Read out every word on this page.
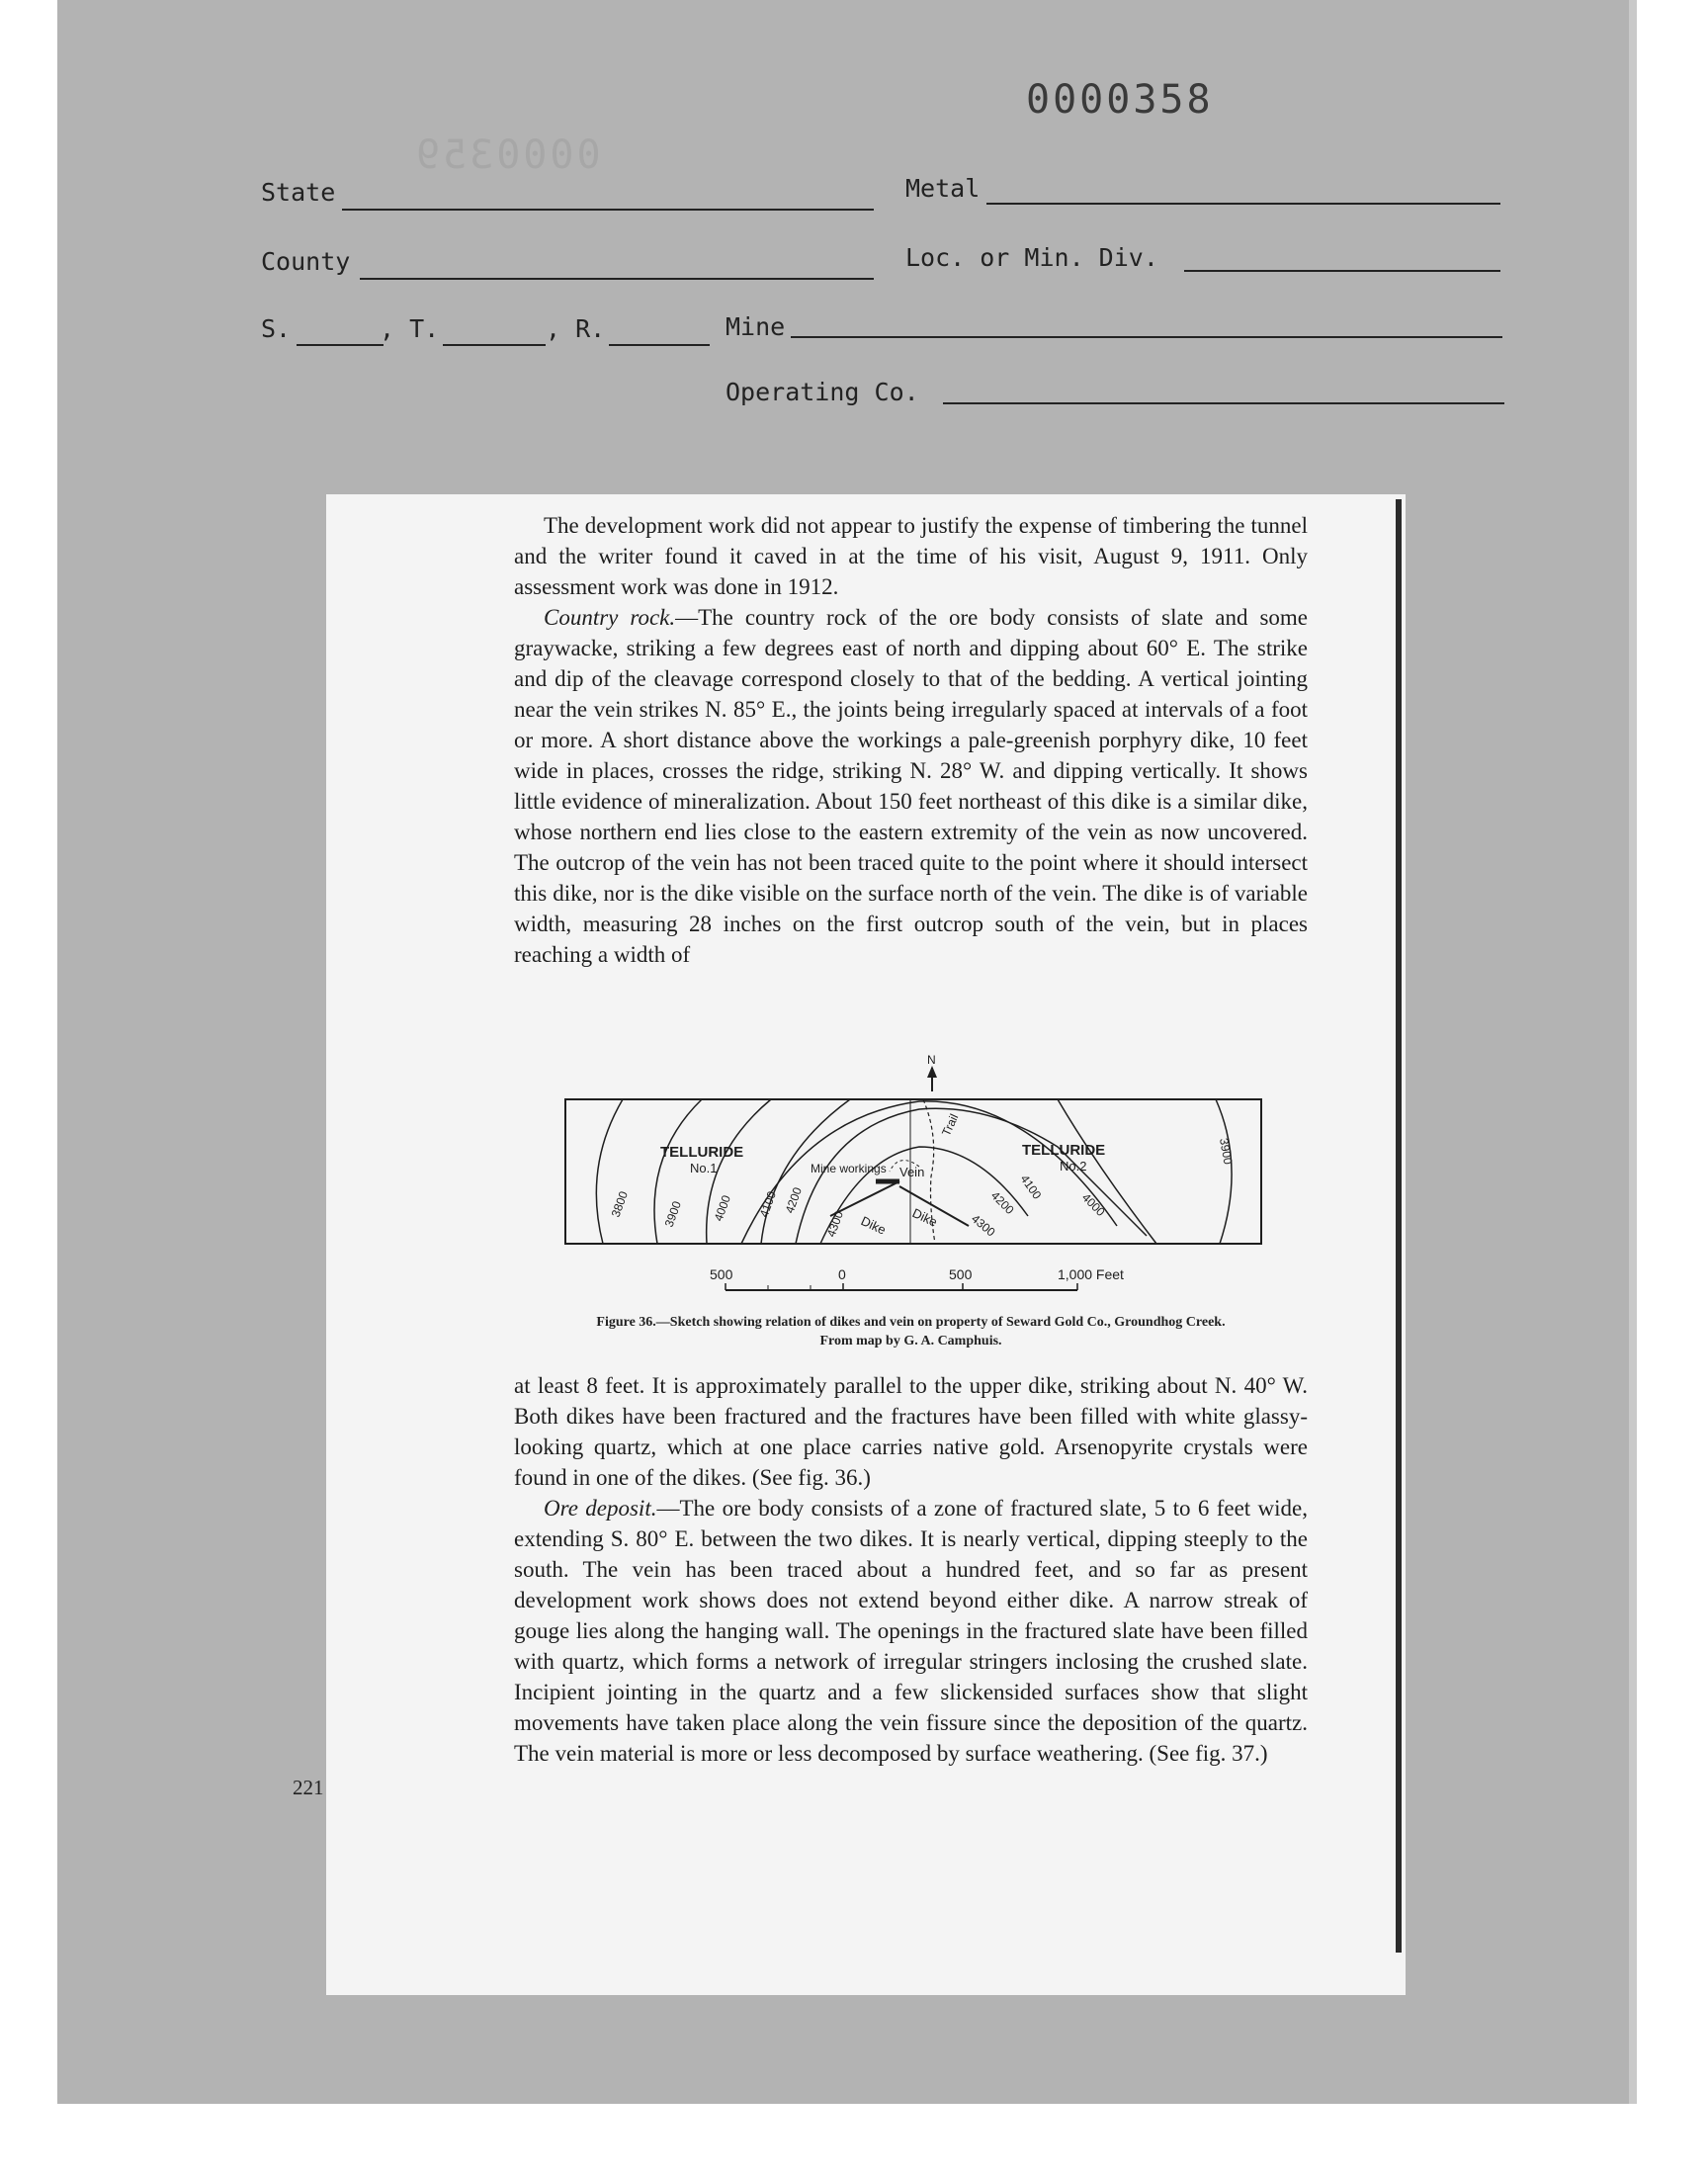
0000358
0000359
State	Metal
County	Loc. or Min. Div.
S.	, T.	, R.	Mine
Operating Co.

The development work did not appear to justify the expense of timbering the tunnel and the writer found it caved in at the time of his visit, August 9, 1911. Only assessment work was done in 1912.

Country rock.—The country rock of the ore body consists of slate and some graywacke, striking a few degrees east of north and dipping about 60° E. The strike and dip of the cleavage correspond closely to that of the bedding. A vertical jointing near the vein strikes N. 85° E., the joints being irregularly spaced at intervals of a foot or more. A short distance above the workings a pale-greenish porphyry dike, 10 feet wide in places, crosses the ridge, striking N. 28° W. and dipping vertically. It shows little evidence of mineralization. About 150 feet northeast of this dike is a similar dike, whose northern end lies close to the eastern extremity of the vein as now uncovered. The outcrop of the vein has not been traced quite to the point where it should intersect this dike, nor is the dike visible on the surface north of the vein. The dike is of variable width, measuring 28 inches on the first outcrop south of the vein, but in places reaching a width of

N
TELLURIDE
No.1
TELLURIDE
No.2
Mine workings Vein
Trail
Dike Dike
3800	3900 4000 4100 4200
4300	4300
4200
4100
4000
3900
500	0	500	1,000 Feet
Figure 36.—Sketch showing relation of dikes and vein on property of Seward Gold Co., Groundhog Creek.
From map by G. A. Camphuis.

at least 8 feet. It is approximately parallel to the upper dike, striking about N. 40° W. Both dikes have been fractured and the fractures have been filled with white glassy-looking quartz, which at one place carries native gold. Arsenopyrite crystals were found in one of the dikes. (See fig. 36.)

Ore deposit.—The ore body consists of a zone of fractured slate, 5 to 6 feet wide, extending S. 80° E. between the two dikes. It is nearly vertical, dipping steeply to the south. The vein has been traced about a hundred feet, and so far as present development work shows does not extend beyond either dike. A narrow streak of gouge lies along the hanging wall. The openings in the fractured slate have been filled with quartz, which forms a network of irregular stringers inclosing the crushed slate. Incipient jointing in the quartz and a few slickensided surfaces show that slight movements have taken place along the vein fissure since the deposition of the quartz. The vein material is more or less decomposed by surface weathering. (See fig. 37.)

221
